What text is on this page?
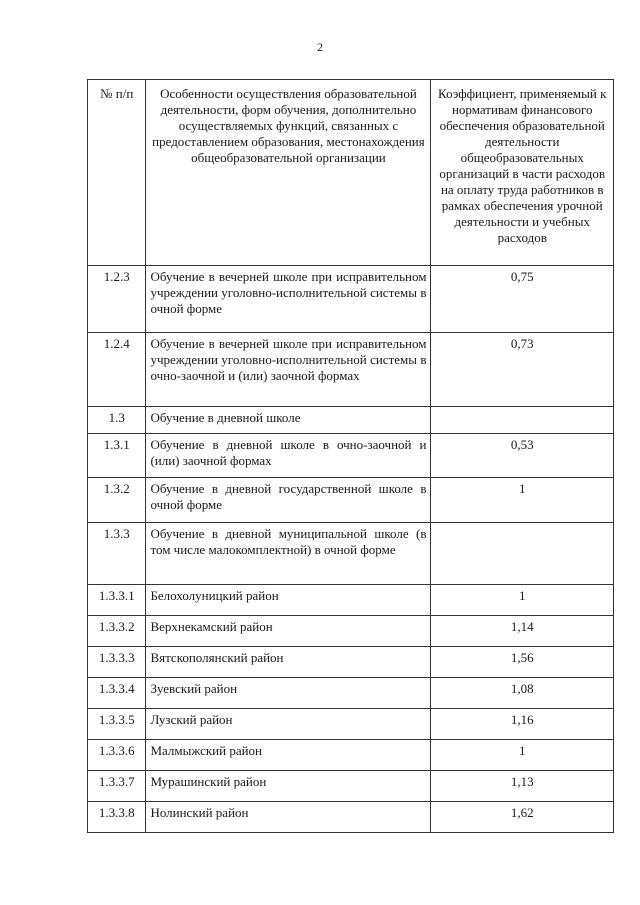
2
№ п/п	Особенности осуществления образовательной деятельности, форм обучения, дополнительно осуществляемых функций, связанных с предоставлением образования, местонахождения общеобразовательной организации	Коэффициент, применяемый к нормативам финансового обеспечения образовательной деятельности общеобразовательных организаций в части расходов на оплату труда работников в рамках обеспечения урочной деятельности и учебных расходов
1.2.3	Обучение в вечерней школе при исправительном учреждении уголовно-исполнительной системы в очной форме	0,75
1.2.4	Обучение в вечерней школе при исправительном учреждении уголовно-исполнительной системы в очно-заочной и (или) заочной формах	0,73
1.3	Обучение в дневной школе	
1.3.1	Обучение в дневной школе в очно-заочной и (или) заочной формах	0,53
1.3.2	Обучение в дневной государственной школе в очной форме	1
1.3.3	Обучение в дневной муниципальной школе (в том числе малокомплектной) в очной форме	
1.3.3.1	Белохолуницкий район	1
1.3.3.2	Верхнекамский район	1,14
1.3.3.3	Вятскополянский район	1,56
1.3.3.4	Зуевский район	1,08
1.3.3.5	Лузский район	1,16
1.3.3.6	Малмыжский район	1
1.3.3.7	Мурашинский район	1,13
1.3.3.8	Нолинский район	1,62
